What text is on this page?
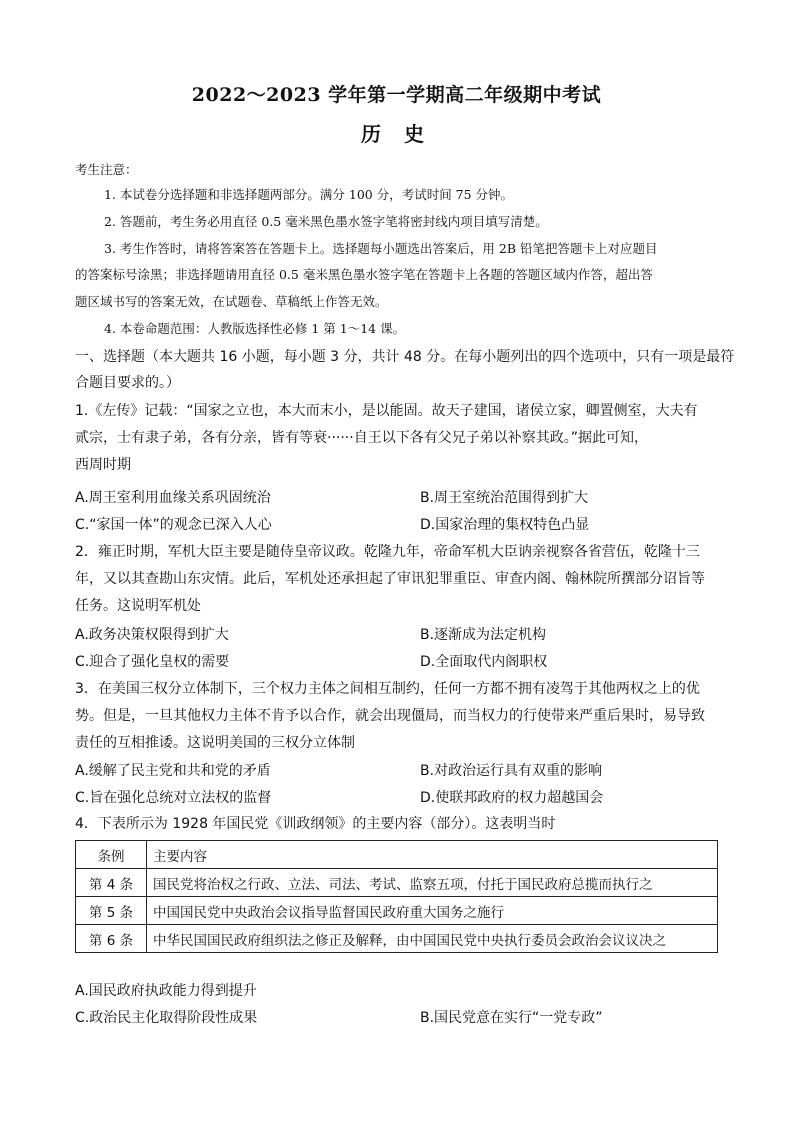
2022～2023 学年第一学期高二年级期中考试
历 史
考生注意：
1. 本试卷分选择题和非选择题两部分。满分 100 分，考试时间 75 分钟。
2. 答题前，考生务必用直径 0.5 毫米黑色墨水签字笔将密封线内项目填写清楚。
3. 考生作答时，请将答案答在答题卡上。选择题每小题选出答案后，用 2B 铅笔把答题卡上对应题目
的答案标号涂黑；非选择题请用直径 0.5 毫米黑色墨水签字笔在答题卡上各题的答题区域内作答，超出答
题区域书写的答案无效，在试题卷、草稿纸上作答无效。
4. 本卷命题范围：人教版选择性必修 1 第 1～14 课。
一、选择题（本大题共 16 小题，每小题 3 分，共计 48 分。在每小题列出的四个选项中，只有一项是最符
合题目要求的。）
1.《左传》记载：“国家之立也，本大而末小，是以能固。故天子建国，诸侯立家，卿置侧室，大夫有
贰宗，士有隶子弟，各有分亲，皆有等衰······自王以下各有父兄子弟以补察其政。”据此可知，
西周时期
A.周王室利用血缘关系巩固统治	B.周王室统治范围得到扩大
C.“家国一体”的观念已深入人心	D.国家治理的集权特色凸显
2．雍正时期，军机大臣主要是随侍皇帝议政。乾隆九年，帝命军机大臣讷亲视察各省营伍，乾隆十三
年，又以其查勘山东灾情。此后，军机处还承担起了审讯犯罪重臣、审查内阁、翰林院所撰部分诏旨等
任务。这说明军机处
A.政务决策权限得到扩大	B.逐渐成为法定机构
C.迎合了强化皇权的需要	D.全面取代内阁职权
3．在美国三权分立体制下，三个权力主体之间相互制约，任何一方都不拥有凌驾于其他两权之上的优
势。但是，一旦其他权力主体不肯予以合作，就会出现僵局，而当权力的行使带来严重后果时，易导致
责任的互相推诿。这说明美国的三权分立体制
A.缓解了民主党和共和党的矛盾	B.对政治运行具有双重的影响
C.旨在强化总统对立法权的监督	D.使联邦政府的权力超越国会
4．下表所示为 1928 年国民党《训政纲领》的主要内容（部分）。这表明当时
条例	主要内容
第 4 条	国民党将治权之行政、立法、司法、考试、监察五项，付托于国民政府总揽而执行之
第 5 条	中国国民党中央政治会议指导监督国民政府重大国务之施行
第 6 条	中华民国国民政府组织法之修正及解释，由中国国民党中央执行委员会政治会议议决之
A.国民政府执政能力得到提升
C.政治民主化取得阶段性成果	B.国民党意在实行“一党专政”
